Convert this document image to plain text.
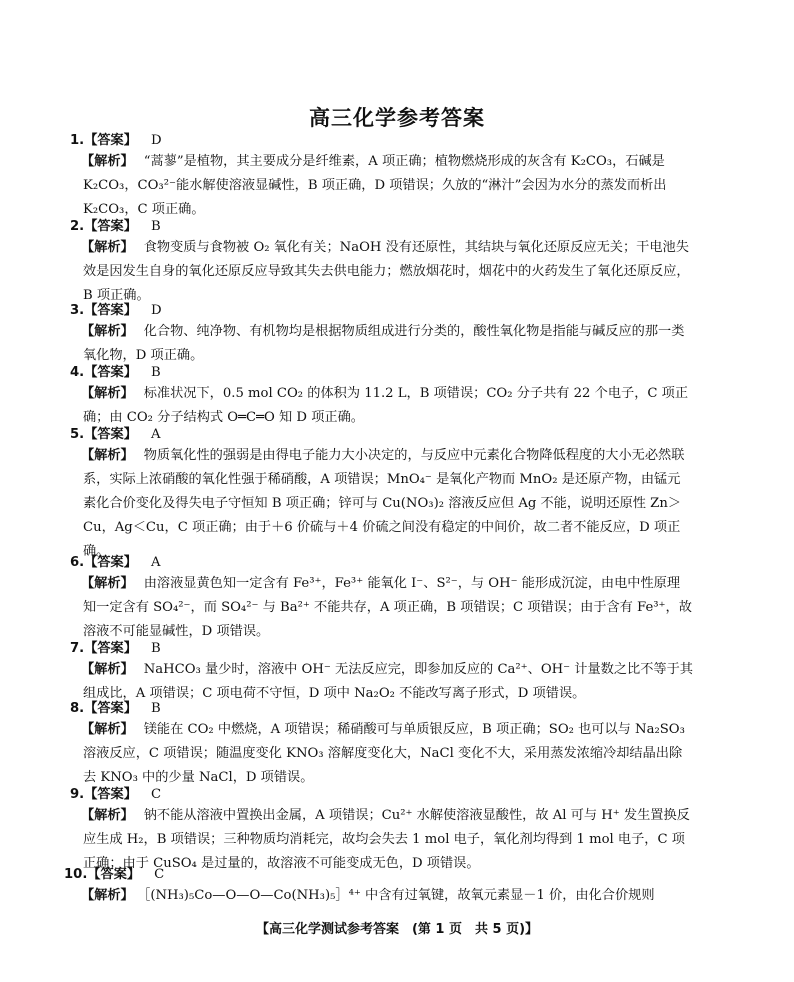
高三化学参考答案
1.【答案】 D
【解析】 “蒿蓼”是植物，其主要成分是纤维素，A 项正确；植物燃烧形成的灰含有 K₂CO₃，石碱是 K₂CO₃，CO₃²⁻能水解使溶液显碱性，B 项正确，D 项错误；久放的“淋汁”会因为水分的蒸发而析出 K₂CO₃，C 项正确。
2.【答案】 B
【解析】 食物变质与食物被 O₂ 氧化有关；NaOH 没有还原性，其结块与氧化还原反应无关；干电池失效是因发生自身的氧化还原反应导致其失去供电能力；燃放烟花时，烟花中的火药发生了氧化还原反应，B 项正确。
3.【答案】 D
【解析】 化合物、纯净物、有机物均是根据物质组成进行分类的，酸性氧化物是指能与碱反应的那一类氧化物，D 项正确。
4.【答案】 B
【解析】 标准状况下，0.5 mol CO₂ 的体积为 11.2 L，B 项错误；CO₂ 分子共有 22 个电子，C 项正确；由 CO₂ 分子结构式 O═C═O 知 D 项正确。
5.【答案】 A
【解析】 物质氧化性的强弱是由得电子能力大小决定的，与反应中元素化合物降低程度的大小无必然联系，实际上浓硝酸的氧化性强于稀硝酸，A 项错误；MnO₄⁻ 是氧化产物而 MnO₂ 是还原产物，由锰元素化合价变化及得失电子守恒知 B 项正确；锌可与 Cu(NO₃)₂ 溶液反应但 Ag 不能，说明还原性 Zn＞Cu，Ag＜Cu，C 项正确；由于＋6 价硫与＋4 价硫之间没有稳定的中间价，故二者不能反应，D 项正确。
6.【答案】 A
【解析】 由溶液显黄色知一定含有 Fe³⁺，Fe³⁺ 能氧化 I⁻、S²⁻，与 OH⁻ 能形成沉淀，由电中性原理知一定含有 SO₄²⁻，而 SO₄²⁻ 与 Ba²⁺ 不能共存，A 项正确，B 项错误；C 项错误；由于含有 Fe³⁺，故溶液不可能显碱性，D 项错误。
7.【答案】 B
【解析】 NaHCO₃ 量少时，溶液中 OH⁻ 无法反应完，即参加反应的 Ca²⁺、OH⁻ 计量数之比不等于其组成比，A 项错误；C 项电荷不守恒，D 项中 Na₂O₂ 不能改写离子形式，D 项错误。
8.【答案】 B
【解析】 镁能在 CO₂ 中燃烧，A 项错误；稀硝酸可与单质银反应，B 项正确；SO₂ 也可以与 Na₂SO₃ 溶液反应，C 项错误；随温度变化 KNO₃ 溶解度变化大，NaCl 变化不大，采用蒸发浓缩冷却结晶出除去 KNO₃ 中的少量 NaCl，D 项错误。
9.【答案】 C
【解析】 钠不能从溶液中置换出金属，A 项错误；Cu²⁺ 水解使溶液显酸性，故 Al 可与 H⁺ 发生置换反应生成 H₂，B 项错误；三种物质均消耗完，故均会失去 1 mol 电子，氧化剂均得到 1 mol 电子，C 项正确；由于 CuSO₄ 是过量的，故溶液不可能变成无色，D 项错误。
10.【答案】 C
【解析】 ［(NH₃)₅Co—O—O—Co(NH₃)₅］⁴⁺ 中含有过氧键，故氧元素显－1 价，由化合价规则
【高三化学测试参考答案　(第 1 页　共 5 页)】
